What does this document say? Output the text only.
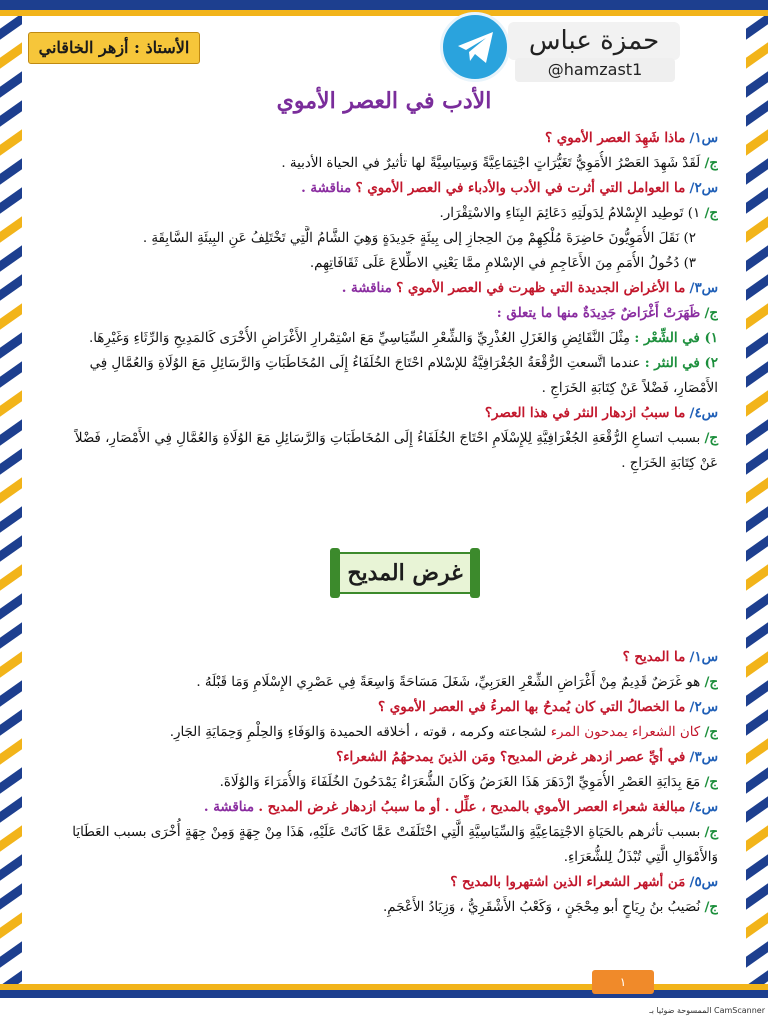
الأستاذ : أزهر الخاقاني	حمزة عباس
@hamzast1
الأدب في العصر الأموي
س١/ ماذا شَهِدَ العصر الأموي ؟
ج/ لَقَدْ شَهِدَ العَصْرُ الأُمَوِيُّ تَغَيُّرَاتٍ اجْتِمَاعِيَّةً وَسِيَاسِيَّةً لها تأثيرٌ في الحياة الأدبية .
س٢/ ما العوامل التي أثرت في الأدب والأدباء في العصر الأموي ؟ مناقشة .
ج/ ١) تَوطِيد الإِسْلامُ لِدَولَتِهِ دَعَائِمَ البِنَاءِ والاسْتِقْرَار.
٢) نَقَلَ الأُمَوِيُّونَ حَاضِرَةَ مُلْكِهِمْ مِنَ الحِجازِ إلى بِيئَةٍ جَدِيدَةٍ وَهِيَ الشَّامُ الَّتِي تَخْتَلِفُ عَنِ البِيئَةِ السَّابِقَةِ .
٣) دُخُولُ الأُمَمِ مِنَ الأَعَاجِمِ في الإسْلامِ ممَّا يَعْنِي الاطِّلاعَ عَلَى ثَقَافَاتِهِم.
س٣/ ما الأغراض الجديدة التي ظهرت في العصر الأموي ؟ مناقشة .
ج/ ظَهَرَتْ أَغْرَاضٌ جَدِيدَةٌ منها ما يتعلق :
١) في الشِّعْر : مِثْلَ النَّقَائِضِ وَالغَزَلِ العُذْرِيِّ وَالشِّعْرِ السِّيَاسِيِّ مَعَ اسْتِمْرارِ الأَغْرَاضِ الأُخْرَى كَالمَدِيحِ وَالرِّثَاءِ وَغَيْرِهَا.
٢) في النثر : عندما اتَّسعتِ الرُّقْعَةُ الجُغْرَافِيَّةُ للإسْلام احْتَاجَ الخُلَفَاءُ إِلَى المُخَاطَبَاتِ وَالرَّسَائِلِ مَعَ الوُلَاةِ وَالعُمَّالِ فِي الأَمْصَارِ، فَضْلاً عَنْ كِتَابَةِ الخَرَاجِ .
س٤/ ما سببُ ازدهار النثر في هذا العصر؟
ج/ بسبب اتساعِ الرُّقْعَةِ الجُغْرَافِيَّةِ لِلإِسْلَامِ احْتَاجَ الخُلَفَاءُ إِلَى المُخَاطَبَاتِ وَالرَّسَائِلِ مَعَ الوُلَاةِ وَالعُمَّالِ فِي الأَمْصَارِ، فَضْلاً عَنْ كِتَابَةِ الخَرَاجِ .
غرض المديح
س١/ ما المديح ؟
ج/ هو غَرَضٌ قَدِيمٌ مِنْ أَغْرَاضِ الشِّعْرِ العَرَبِيِّ، شَغَلَ مَسَاحَةً وَاسِعَةً فِي عَصْرِي الإِسْلَامِ وَمَا قَبْلَهُ .
س٢/ ما الخصالُ التي كان يُمدحُ بها المرءُ في العصر الأموي ؟
ج/ كان الشعراء يمدحون المرء لشجاعته وكرمه ، قوته ، أخلاقه الحميدة وَالوَفَاءِ وَالحِلْمِ وَحِمَايَةِ الجَارِ.
س٣/ في أيِّ عصر ازدهر غرض المديح؟ ومَن الذينَ يمدحهُمُ الشعراء؟
ج/ مَعَ بِدَايَةِ العَصْرِ الأُمَوِيِّ ازْدَهَرَ هَذَا الغَرَضُ وَكَانَ الشُّعَرَاءُ يَمْدَحُونَ الخُلَفَاءَ وَالأُمَرَاءَ وَالوُلَاةَ.
س٤/ مبالغة شعراء العصر الأموي بالمديح ، علِّل . أو ما سببُ ازدهار غرض المديح . مناقشة .
ج/ بسبب تأثرهم بالحَيَاةِ الاجْتِمَاعِيَّةِ وَالسِّيَاسِيَّةِ الَّتِي اخْتَلَفَتْ عَمَّا كَانَتْ عَلَيْهِ، هَذَا مِنْ جِهَةٍ وَمِنْ جِهَةٍ أُخْرَى بسبب العَطَايَا وَالأَمْوَالِ الَّتِي تُبْذَلُ لِلشُّعَرَاءِ.
س٥/ مَن أشهر الشعراء الذين اشتهروا بالمديح ؟
ج/ نُصَيبُ بنُ رِيَاحٍ أبو مِحْجَنٍ ، وَكَعْبُ الأَشْقَرِيُّ ، وَزِيَادُ الأَعْجَمِ.
١
الممسوحة ضوئيا بـ CamScanner
